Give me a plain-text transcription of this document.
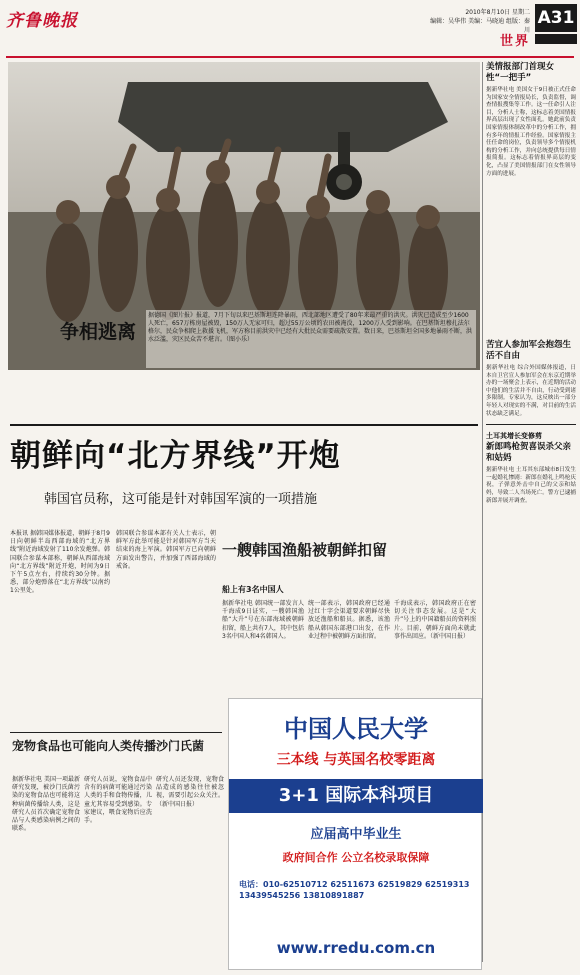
齐鲁晚报	2010年8月10日 星期二
编辑：吴华伟 美编：马晓迪 组版：秦川
A31
世界
争相逃离
据德国《图片报》报道，7月下旬以来巴基斯坦连降暴雨，西北部地区遭受了80年来最严重的洪灾。洪灾已造成至少1600人死亡，657万栋房屋被毁，150万人无家可归，超过55万公顷的农田被淹没，1200万人受到影响。在巴基斯坦穆扎法尔格尔，民众争相爬上救援飞机，军方称目前洪灾中已经有大批民众需要疏散安置。数日来，巴基斯坦全国多地暴雨不断，洪水泛滥，灾区民众苦不堪言。（图小乐）
美情报部门首现女性“一把手”
据新华社电 美国女于9日被正式任命为国家安全情报局长，负责监督，调查情报搜集等工作。这一任命引人注目，分析人士称，这标志着美国情报界高层出现了女性面孔。她此前负责国家情报体制改革中的分析工作，拥有多年的情报工作经验。国家情报主任任命的岗位，负责领导多个情报机构的分析工作，并向总统提供每日情报简报。这标志着情报界高层的变化，凸显了美国情报部门在女性领导方面的进展。
苦宜人参加军会抱怨生活不自由
据新华社电 综合外国媒体报道，日本自卫官宣人参加军会在东京近期举办的一场聚会上表示，在近期的活动中他们的生活并不自由，行动受到诸多限制。专家认为，这反映出一部分年轻人对现实的不满，对目前的生活状态缺乏满足。
土耳其增长变修剪
新郎鸣枪贺喜误杀父亲和姑妈
据新华社电 土耳其东部城市8日发生一起婚礼惨剧：新郎在婚礼上鸣枪庆祝，子弹意外击中自己的父亲和姑妈，导致二人当场死亡。警方已逮捕新郎并展开调查。
朝鲜向“北方界线”开炮
韩国官员称，这可能是针对韩国军演的一项措施
本报讯 据韩国媒体报道，朝鲜于8月9日向朝鲜半岛西部海域的“北方界线”附近海域发射了110余发炮弹。韩国联合参谋本部称，朝鲜从西部海域向“北方界线”附近开炮，时间为9日下午5点左右，持续约30分钟。据悉，部分炮弹落在“北方界线”以南约1公里处。
韩国联合参谋本部有关人士表示，朝鲜军方此举可能是针对韩国军方当天结束的海上军演。韩国军方已向朝鲜方面发出警告，并加强了西部海域的戒备。
一艘韩国渔船被朝鲜扣留
船上有3名中国人
据新华社电 韩国统一部发言人千海成9日证实，一艘韩国渔船“大升”号在东部海域被朝鲜扣留，船上共有7人，其中包括3名中国人和4名韩国人。
统一部表示，韩国政府已经通过红十字会渠道要求朝鲜尽快放还渔船和船员。据悉，该渔船从韩国东部港口出发，在作业过程中被朝鲜方面扣留。
千海成表示，韩国政府正在密切关注事态发展。这是“大升”号上的中国籍船员的资料照片。目前，朝鲜方面尚未就此事作出回应。（新中国日报）
宠物食品也可能向人类传播沙门氏菌
据新华社电 美国一项最新研究发现，被沙门氏菌污染的宠物食品也可能将这种病菌传播给人类，这是研究人员首次确定宠物食品与人类感染病例之间的联系。
研究人员说，宠物食品中含有的病菌可能通过污染人类的手和食物传播，儿童尤其容易受到感染。专家建议，喂食宠物后应洗手。
研究人员还发现，宠物食品造成的感染往往被忽视，需要引起公众关注。（新中国日报）
中国人民大学
三本线 与英国名校零距离
3+1 国际本科项目
应届高中毕业生
政府间合作 公立名校录取保障
电话：010-62510712 62511673 62519829 62519313 13439545256 13810891887
www.rredu.com.cn
